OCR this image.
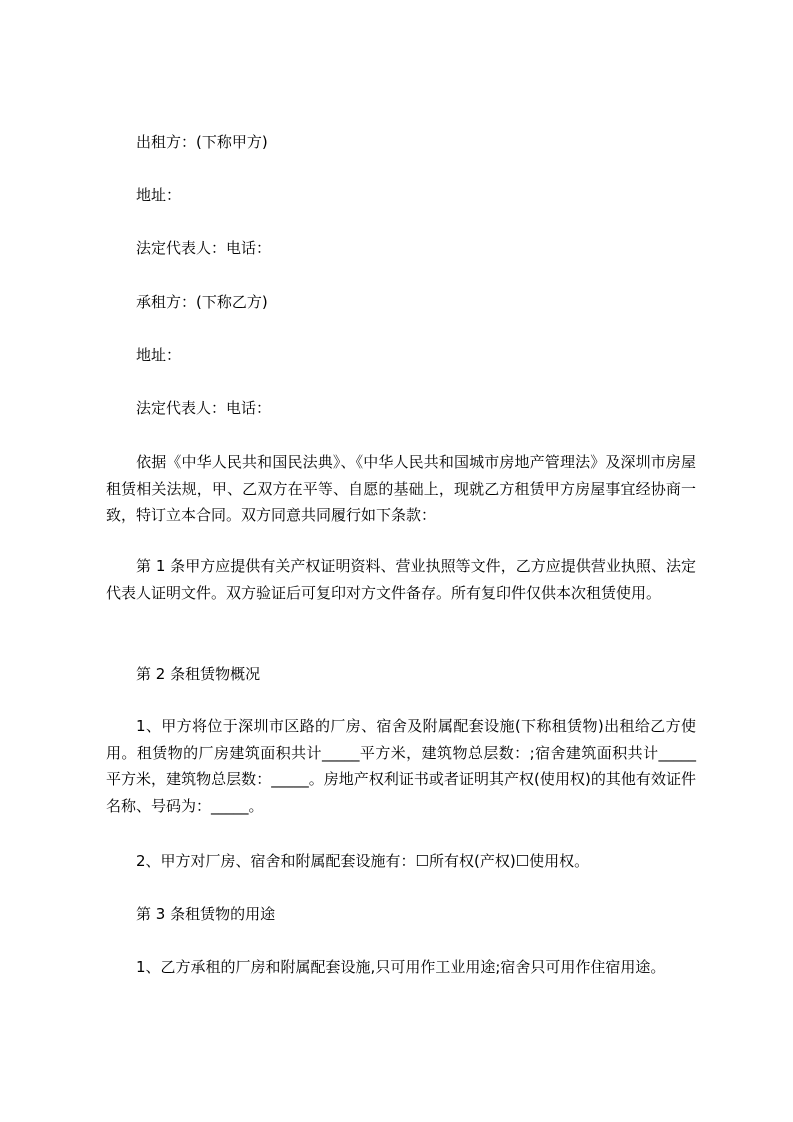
出租方：(下称甲方)
地址：
法定代表人：电话：
承租方：(下称乙方)
地址：
法定代表人：电话：
依据《中华人民共和国民法典》、《中华人民共和国城市房地产管理法》及深圳市房屋租赁相关法规，甲、乙双方在平等、自愿的基础上，现就乙方租赁甲方房屋事宜经协商一致，特订立本合同。双方同意共同履行如下条款：
第 1 条甲方应提供有关产权证明资料、营业执照等文件，乙方应提供营业执照、法定代表人证明文件。双方验证后可复印对方文件备存。所有复印件仅供本次租赁使用。
第 2 条租赁物概况
1、甲方将位于深圳市区路的厂房、宿舍及附属配套设施(下称租赁物)出租给乙方使用。租赁物的厂房建筑面积共计_____平方米，建筑物总层数：;宿舍建筑面积共计_____平方米，建筑物总层数：_____。房地产权利证书或者证明其产权(使用权)的其他有效证件名称、号码为：_____。
2、甲方对厂房、宿舍和附属配套设施有：☐所有权(产权)☐使用权。
第 3 条租赁物的用途
1、乙方承租的厂房和附属配套设施,只可用作工业用途;宿舍只可用作住宿用途。
